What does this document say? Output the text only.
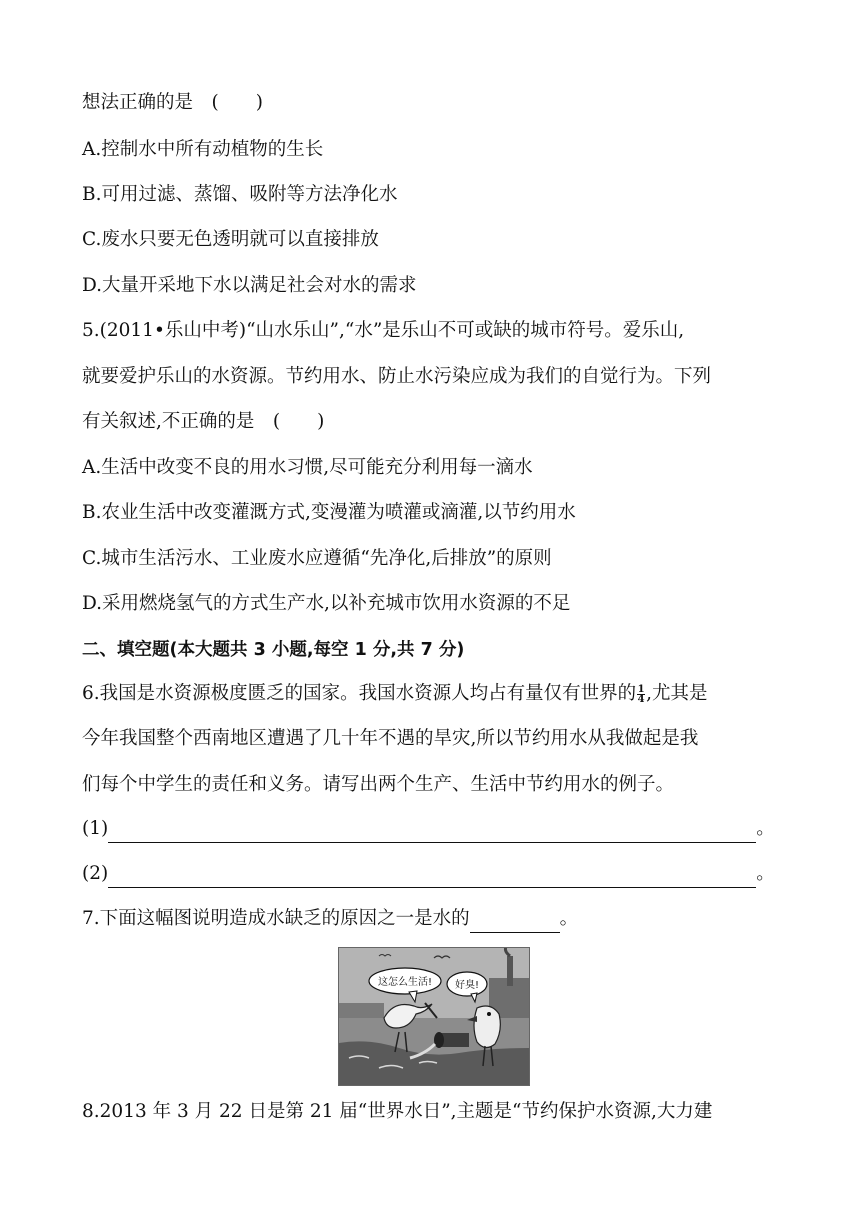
想法正确的是　(　　)
A.控制水中所有动植物的生长
B.可用过滤、蒸馏、吸附等方法净化水
C.废水只要无色透明就可以直接排放
D.大量开采地下水以满足社会对水的需求
5.(2011•乐山中考)“山水乐山”,“水”是乐山不可或缺的城市符号。爱乐山,
就要爱护乐山的水资源。节约用水、防止水污染应成为我们的自觉行为。下列
有关叙述,不正确的是　(　　)
A.生活中改变不良的用水习惯,尽可能充分利用每一滴水
B.农业生活中改变灌溉方式,变漫灌为喷灌或滴灌,以节约用水
C.城市生活污水、工业废水应遵循“先净化,后排放”的原则
D.采用燃烧氢气的方式生产水,以补充城市饮用水资源的不足
二、填空题(本大题共 3 小题,每空 1 分,共 7 分)
6.我国是水资源极度匮乏的国家。我国水资源人均占有量仅有世界的 $\frac{1}{4}$ ,尤其是
今年我国整个西南地区遭遇了几十年不遇的旱灾,所以节约用水从我做起是我
们每个中学生的责任和义务。请写出两个生产、生活中节约用水的例子。
(1)	。
(2)	。
7.下面这幅图说明造成水缺乏的原因之一是水的	。
这怎么生活! 好臭!
8.2013 年 3 月 22 日是第 21 届“世界水日”,主题是“节约保护水资源,大力建
